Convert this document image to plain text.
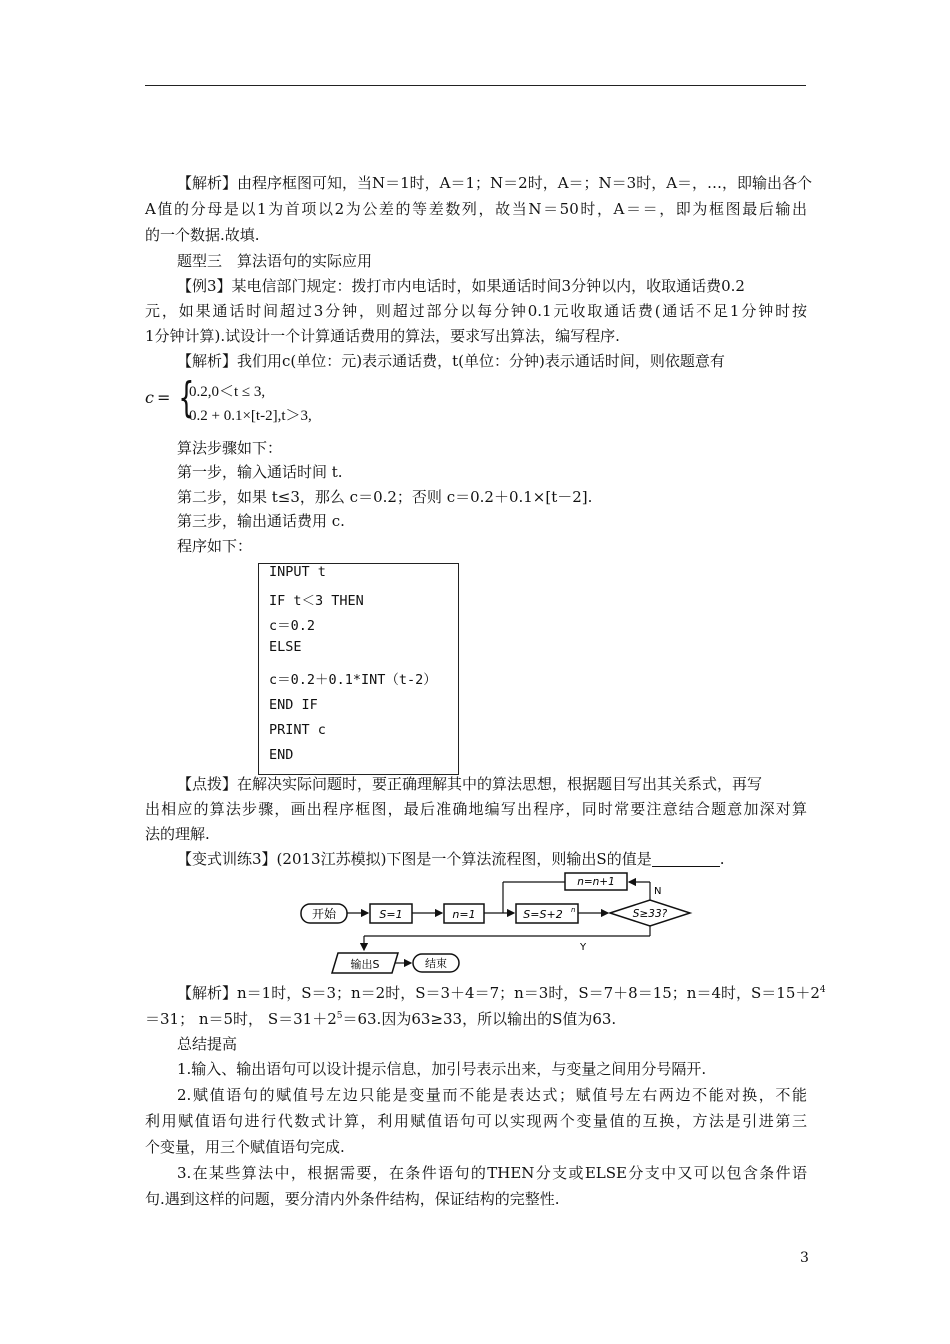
【解析】由程序框图可知，当N＝1时，A＝1；N＝2时，A＝；N＝3时，A＝，…，即输出各个
A值的分母是以1为首项以2为公差的等差数列，故当N＝50时，A＝＝，即为框图最后输出
的一个数据.故填.
题型三　算法语句的实际应用
【例3】某电信部门规定：拨打市内电话时，如果通话时间3分钟以内，收取通话费0.2
元，如果通话时间超过3分钟，则超过部分以每分钟0.1元收取通话费(通话不足1分钟时按
1分钟计算).试设计一个计算通话费用的算法，要求写出算法，编写程序.
【解析】我们用c(单位：元)表示通话费，t(单位：分钟)表示通话时间，则依题意有
c = {
0.2,0＜t ≤ 3,
0.2 + 0.1×[t-2],t＞3,
算法步骤如下：
第一步，输入通话时间 t.
第二步，如果 t≤3，那么 c＝0.2；否则 c＝0.2＋0.1×[t－2].
第三步，输出通话费用 c.
程序如下：
INPUT t
IF t＜3 THEN
c＝0.2
ELSE
c＝0.2＋0.1*INT（t-2）
END IF
PRINT c
END
【点拨】在解决实际问题时，要正确理解其中的算法思想，根据题目写出其关系式，再写
出相应的算法步骤，画出程序框图，最后准确地编写出程序，同时常要注意结合题意加深对算
法的理解.
【变式训练3】(2013江苏模拟)下图是一个算法流程图，则输出S的值是	.
开始	S=1	n=1	S=S+2 n	S≥33?
N
n=n+1
Y
输出S	结束
【解析】n＝1时，S＝3；n＝2时，S＝3＋4＝7；n＝3时，S＝7＋8＝15；n＝4时，$S=15+2^4$
＝31； n＝5时， $S=31+2^5=63$.因为63≥33，所以输出的S值为63.
总结提高
1.输入、输出语句可以设计提示信息，加引号表示出来，与变量之间用分号隔开.
2.赋值语句的赋值号左边只能是变量而不能是表达式；赋值号左右两边不能对换，不能
利用赋值语句进行代数式计算，利用赋值语句可以实现两个变量值的互换，方法是引进第三
个变量，用三个赋值语句完成.
3.在某些算法中，根据需要，在条件语句的THEN分支或ELSE分支中又可以包含条件语
句.遇到这样的问题，要分清内外条件结构，保证结构的完整性.
3
